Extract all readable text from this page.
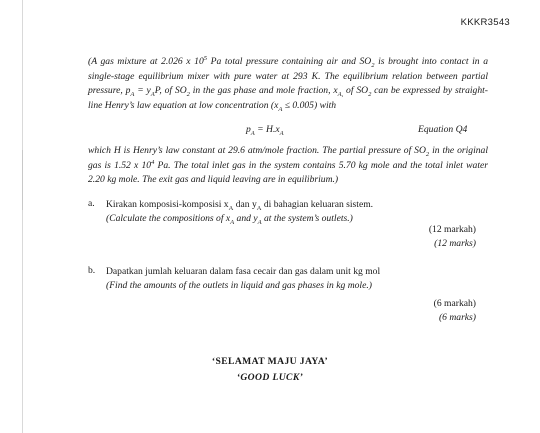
KKKR3543
(A gas mixture at 2.026 x $10^5$ Pa total pressure containing air and $SO_2$ is brought into contact in a single-stage equilibrium mixer with pure water at 293 K. The equilibrium relation between partial pressure, $p_A = y_AP$, of $SO_2$ in the gas phase and mole fraction, $x_{A,}$ of $SO_2$ can be expressed by straight-line Henry’s law equation at low concentration $(x_A \le 0.005)$ with
$p_A = H.x_A$	Equation Q4
which H is Henry’s law constant at 29.6 atm/mole fraction. The partial pressure of $SO_2$ in the original gas is 1.52 x $10^4$ Pa. The total inlet gas in the system contains 5.70 kg mole and the total inlet water 2.20 kg mole. The exit gas and liquid leaving are in equilibrium.)
a. Kirakan komposisi-komposisi $x_A$ dan $y_A$ di bahagian keluaran sistem.
(Calculate the compositions of $x_A$ and $y_A$ at the system’s outlets.)
(12 markah)
(12 marks)
b. Dapatkan jumlah keluaran dalam fasa cecair dan gas dalam unit kg mol
(Find the amounts of the outlets in liquid and gas phases in kg mole.)
(6 markah)
(6 marks)
‘SELAMAT MAJU JAYA’
‘GOOD LUCK’
